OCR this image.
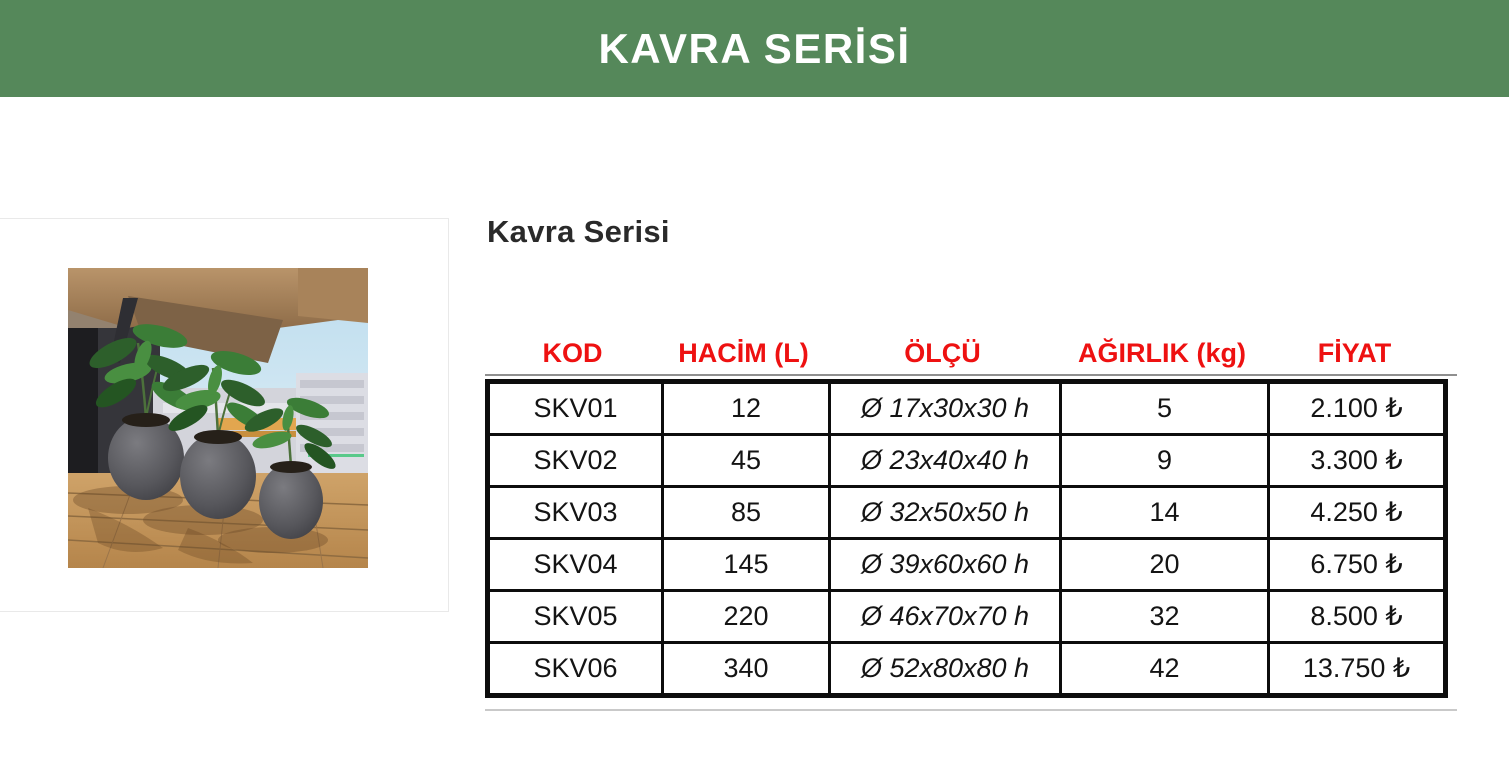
KAVRA SERİSİ
Kavra Serisi
KOD	HACİM (L)	ÖLÇÜ	AĞIRLIK (kg)	FİYAT
SKV01	12	Ø 17x30x30 h	5	2.100 ₺
SKV02	45	Ø 23x40x40 h	9	3.300 ₺
SKV03	85	Ø 32x50x50 h	14	4.250 ₺
SKV04	145	Ø 39x60x60 h	20	6.750 ₺
SKV05	220	Ø 46x70x70 h	32	8.500 ₺
SKV06	340	Ø 52x80x80 h	42	13.750 ₺
